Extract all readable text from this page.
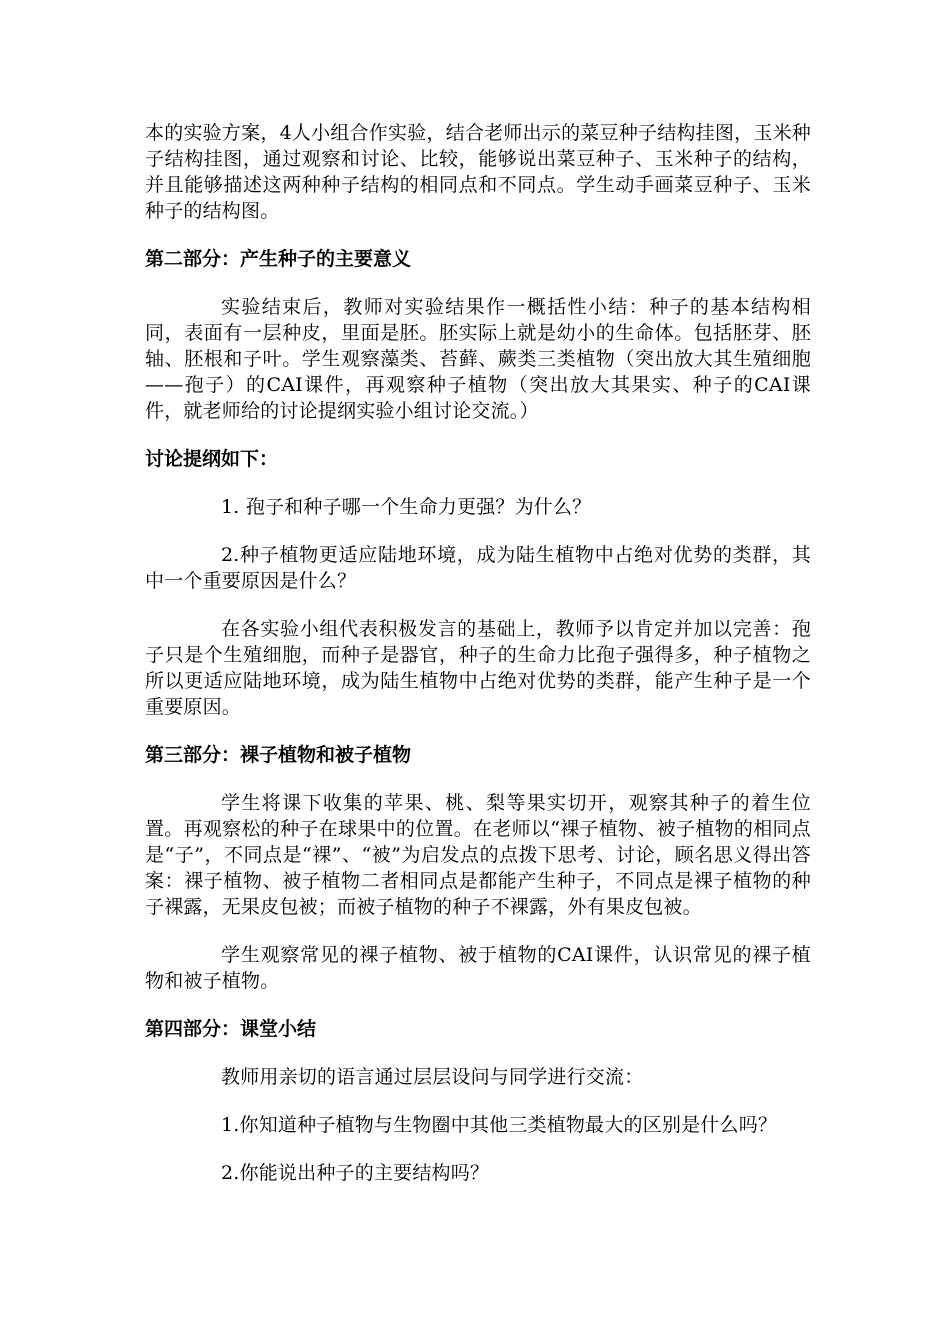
本的实验方案，4人小组合作实验，结合老师出示的菜豆种子结构挂图，玉米种子结构挂图，通过观察和讨论、比较，能够说出菜豆种子、玉米种子的结构，并且能够描述这两种种子结构的相同点和不同点。学生动手画菜豆种子、玉米种子的结构图。

第二部分：产生种子的主要意义

实验结束后，教师对实验结果作一概括性小结：种子的基本结构相同，表面有一层种皮，里面是胚。胚实际上就是幼小的生命体。包括胚芽、胚轴、胚根和子叶。学生观察藻类、苔藓、蕨类三类植物（突出放大其生殖细胞——孢子）的CAI课件，再观察种子植物（突出放大其果实、种子的CAI课件，就老师给的讨论提纲实验小组讨论交流。）

讨论提纲如下：

1. 孢子和种子哪一个生命力更强？为什么？

2.种子植物更适应陆地环境，成为陆生植物中占绝对优势的类群，其中一个重要原因是什么？

在各实验小组代表积极发言的基础上，教师予以肯定并加以完善：孢子只是个生殖细胞，而种子是器官，种子的生命力比孢子强得多，种子植物之所以更适应陆地环境，成为陆生植物中占绝对优势的类群，能产生种子是一个重要原因。

第三部分：裸子植物和被子植物

学生将课下收集的苹果、桃、梨等果实切开，观察其种子的着生位置。再观察松的种子在球果中的位置。在老师以“裸子植物、被子植物的相同点是“子”，不同点是“裸”、“被”为启发点的点拨下思考、讨论，顾名思义得出答案：裸子植物、被子植物二者相同点是都能产生种子，不同点是裸子植物的种子裸露，无果皮包被；而被子植物的种子不裸露，外有果皮包被。

学生观察常见的裸子植物、被于植物的CAI课件，认识常见的裸子植物和被子植物。

第四部分：课堂小结

教师用亲切的语言通过层层设问与同学进行交流：

1.你知道种子植物与生物圈中其他三类植物最大的区别是什么吗？

2.你能说出种子的主要结构吗？
